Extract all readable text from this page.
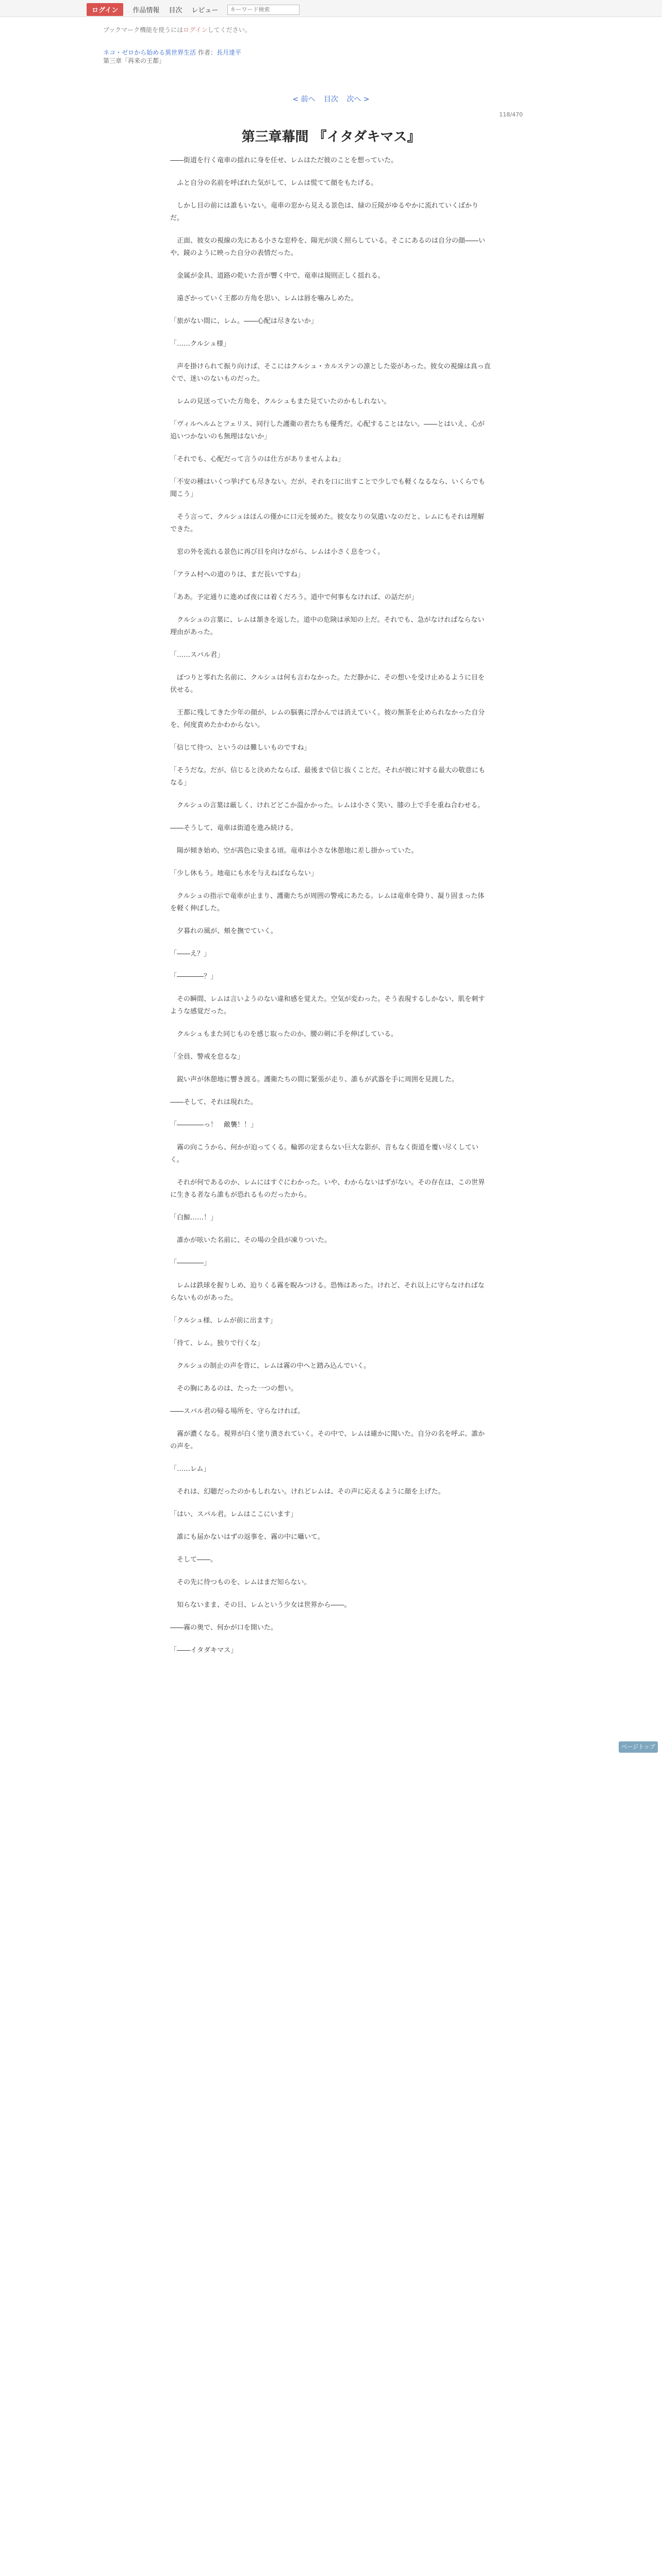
ログイン	作品情報 目次 レビュー
キーワード検索
ブックマーク機能を使うにはログインしてください。
ネコ・ゼロから始める異世界生活 作者：長月達平
第三章「再来の王都」
< 前へ 目次 次へ >
118/470
第三章幕間 『イタダキマス』

――街道を行く竜車の揺れに身を任せ、レムはただ彼のことを想っていた。

ふと自分の名前を呼ばれた気がして、レムは慌てて顔をもたげる。

しかし目の前には誰もいない。竜車の窓から見える景色は、緑の丘陵がゆるやかに流れていくばかりだ。

正面、彼女の視線の先にある小さな窓枠を、陽光が淡く照らしている。そこにあるのは自分の顔――いや、鏡のように映った自分の表情だった。

金属が金具、道路の乾いた音が響く中で、竜車は規則正しく揺れる。

遠ざかっていく王都の方角を思い、レムは唇を噛みしめた。

「旅がない間に、レム。――心配は尽きないか」

「……クルシュ様」

声を掛けられて振り向けば、そこにはクルシュ・カルステンの凛とした姿があった。彼女の視線は真っ直ぐで、迷いのないものだった。

レムの見送っていた方角を、クルシュもまた見ていたのかもしれない。

「ヴィルヘルムとフェリス、同行した護衛の者たちも優秀だ。心配することはない。――とはいえ、心が追いつかないのも無理はないか」

「それでも、心配だって言うのは仕方がありませんよね」

「不安の種はいくつ挙げても尽きない。だが、それを口に出すことで少しでも軽くなるなら、いくらでも聞こう」

そう言って、クルシュはほんの僅かに口元を緩めた。彼女なりの気遣いなのだと、レムにもそれは理解できた。

窓の外を流れる景色に再び目を向けながら、レムは小さく息をつく。

「アラム村への道のりは、まだ長いですね」

「ああ。予定通りに進めば夜には着くだろう。道中で何事もなければ、の話だが」

クルシュの言葉に、レムは頷きを返した。道中の危険は承知の上だ。それでも、急がなければならない理由があった。

「……スバル君」

ぽつりと零れた名前に、クルシュは何も言わなかった。ただ静かに、その想いを受け止めるように目を伏せる。

王都に残してきた少年の顔が、レムの脳裏に浮かんでは消えていく。彼の無茶を止められなかった自分を、何度責めたかわからない。

「信じて待つ、というのは難しいものですね」

「そうだな。だが、信じると決めたならば、最後まで信じ抜くことだ。それが彼に対する最大の敬意にもなる」

クルシュの言葉は厳しく、けれどどこか温かかった。レムは小さく笑い、膝の上で手を重ね合わせる。

――そうして、竜車は街道を進み続ける。

陽が傾き始め、空が茜色に染まる頃。竜車は小さな休憩地に差し掛かっていた。

「少し休もう。地竜にも水を与えねばならない」

クルシュの指示で竜車が止まり、護衛たちが周囲の警戒にあたる。レムは竜車を降り、凝り固まった体を軽く伸ばした。

夕暮れの風が、頬を撫でていく。

「――え？」

「――――？」

その瞬間、レムは言いようのない違和感を覚えた。空気が変わった。そう表現するしかない、肌を刺すような感覚だった。

クルシュもまた同じものを感じ取ったのか、腰の剣に手を伸ばしている。

「全員、警戒を怠るな」

鋭い声が休憩地に響き渡る。護衛たちの間に緊張が走り、誰もが武器を手に周囲を見渡した。

――そして、それは現れた。

「――――っ！　敵襲！！」

霧の向こうから、何かが迫ってくる。輪郭の定まらない巨大な影が、音もなく街道を覆い尽くしていく。

それが何であるのか、レムにはすぐにわかった。いや、わからないはずがない。その存在は、この世界に生きる者なら誰もが恐れるものだったから。

「白鯨……！」

誰かが呟いた名前に、その場の全員が凍りついた。

「――――」

レムは鉄球を握りしめ、迫りくる霧を睨みつける。恐怖はあった。けれど、それ以上に守らなければならないものがあった。

「クルシュ様、レムが前に出ます」

「待て、レム。独りで行くな」

クルシュの制止の声を背に、レムは霧の中へと踏み込んでいく。

その胸にあるのは、たった一つの想い。

――スバル君の帰る場所を、守らなければ。

霧が濃くなる。視界が白く塗り潰されていく。その中で、レムは確かに聞いた。自分の名を呼ぶ、誰かの声を。

「……レム」

それは、幻聴だったのかもしれない。けれどレムは、その声に応えるように顔を上げた。

「はい、スバル君。レムはここにいます」

誰にも届かないはずの返事を、霧の中に囁いて。

そして――。

その先に待つものを、レムはまだ知らない。

知らないまま、その日、レムという少女は世界から――。

――霧の奥で、何かが口を開いた。

「――イタダキマス」

ページトップへ
